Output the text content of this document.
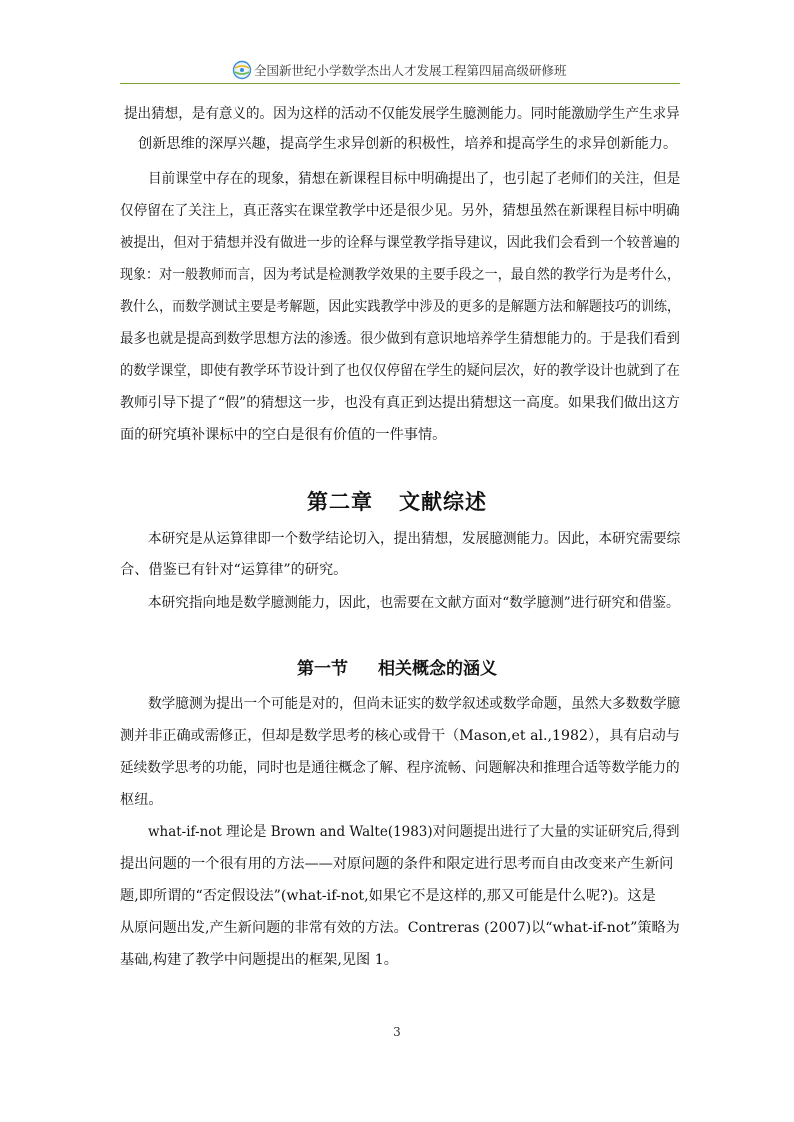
全国新世纪小学数学杰出人才发展工程第四届高级研修班
提出猜想，是有意义的。因为这样的活动不仅能发展学生臆测能力。同时能激励学生产生求异
创新思维的深厚兴趣，提高学生求异创新的积极性，培养和提高学生的求异创新能力。
目前课堂中存在的现象，猜想在新课程目标中明确提出了，也引起了老师们的关注，但是
仅停留在了关注上，真正落实在课堂教学中还是很少见。另外，猜想虽然在新课程目标中明确
被提出，但对于猜想并没有做进一步的诠释与课堂教学指导建议，因此我们会看到一个较普遍的
现象：对一般教师而言，因为考试是检测教学效果的主要手段之一，最自然的教学行为是考什么，
教什么，而数学测试主要是考解题，因此实践教学中涉及的更多的是解题方法和解题技巧的训练，
最多也就是提高到数学思想方法的渗透。很少做到有意识地培养学生猜想能力的。于是我们看到
的数学课堂，即使有教学环节设计到了也仅仅停留在学生的疑问层次，好的教学设计也就到了在
教师引导下提了“假”的猜想这一步，也没有真正到达提出猜想这一高度。如果我们做出这方
面的研究填补课标中的空白是很有价值的一件事情。
第二章 文献综述
本研究是从运算律即一个数学结论切入，提出猜想，发展臆测能力。因此，本研究需要综
合、借鉴已有针对“运算律”的研究。
本研究指向地是数学臆测能力，因此，也需要在文献方面对“数学臆测”进行研究和借鉴。
第一节 相关概念的涵义
数学臆测为提出一个可能是对的，但尚未证实的数学叙述或数学命题，虽然大多数数学臆
测并非正确或需修正，但却是数学思考的核心或骨干（Mason,et al.,1982），具有启动与
延续数学思考的功能，同时也是通往概念了解、程序流畅、问题解决和推理合适等数学能力的
枢纽。
what-if-not 理论是 Brown and Walte(1983)对问题提出进行了大量的实证研究后,得到
提出问题的一个很有用的方法——对原问题的条件和限定进行思考而自由改变来产生新问
题,即所谓的“否定假设法”(what-if-not,如果它不是这样的,那又可能是什么呢?)。这是
从原问题出发,产生新问题的非常有效的方法。Contreras (2007)以“what-if-not”策略为
基础,构建了教学中问题提出的框架,见图 1。
3
